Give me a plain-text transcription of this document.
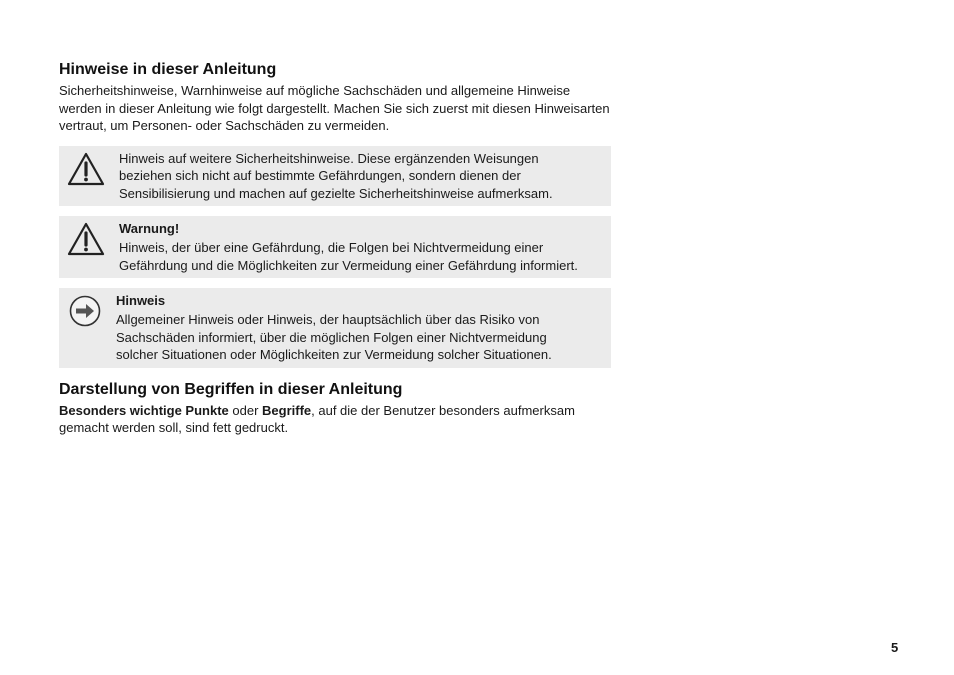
Hinweise in dieser Anleitung

Sicherheitshinweise, Warnhinweise auf mögliche Sachschäden und allgemeine Hinweise werden in dieser Anleitung wie folgt dargestellt. Machen Sie sich zuerst mit diesen Hinweisarten vertraut, um Personen- oder Sachschäden zu vermeiden.

Hinweis auf weitere Sicherheitshinweise. Diese ergänzenden Weisungen beziehen sich nicht auf bestimmte Gefährdungen, sondern dienen der Sensibilisierung und machen auf gezielte Sicherheitshinweise aufmerksam.

Warnung!

Hinweis, der über eine Gefährdung, die Folgen bei Nichtvermeidung einer Gefährdung und die Möglichkeiten zur Vermeidung einer Gefährdung informiert.

Hinweis

Allgemeiner Hinweis oder Hinweis, der hauptsächlich über das Risiko von Sachschäden informiert, über die möglichen Folgen einer Nichtvermeidung solcher Situationen oder Möglichkeiten zur Vermeidung solcher Situationen.

Darstellung von Begriffen in dieser Anleitung

Besonders wichtige Punkte oder Begriffe, auf die der Benutzer besonders aufmerksam gemacht werden soll, sind fett gedruckt.

5
